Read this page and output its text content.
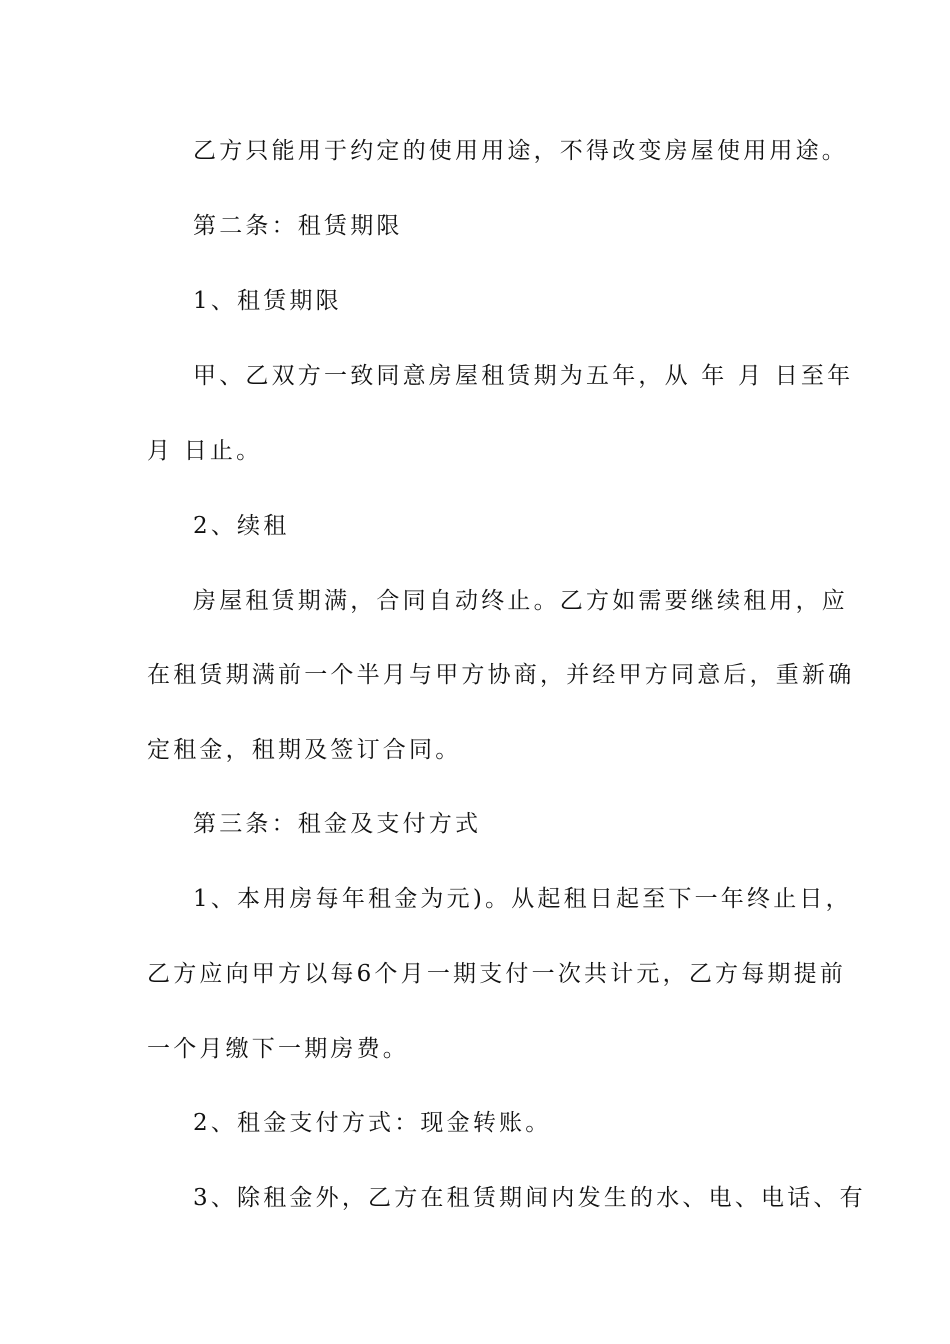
乙方只能用于约定的使用用途，不得改变房屋使用用途。
第二条：租赁期限
1、租赁期限
甲、乙双方一致同意房屋租赁期为五年，从 年 月 日至年
月 日止。
2、续租
房屋租赁期满，合同自动终止。乙方如需要继续租用，应
在租赁期满前一个半月与甲方协商，并经甲方同意后，重新确
定租金，租期及签订合同。
第三条：租金及支付方式
1、本用房每年租金为元)。从起租日起至下一年终止日，
乙方应向甲方以每6个月一期支付一次共计元，乙方每期提前
一个月缴下一期房费。
2、租金支付方式：现金转账。
3、除租金外，乙方在租赁期间内发生的水、电、电话、有
